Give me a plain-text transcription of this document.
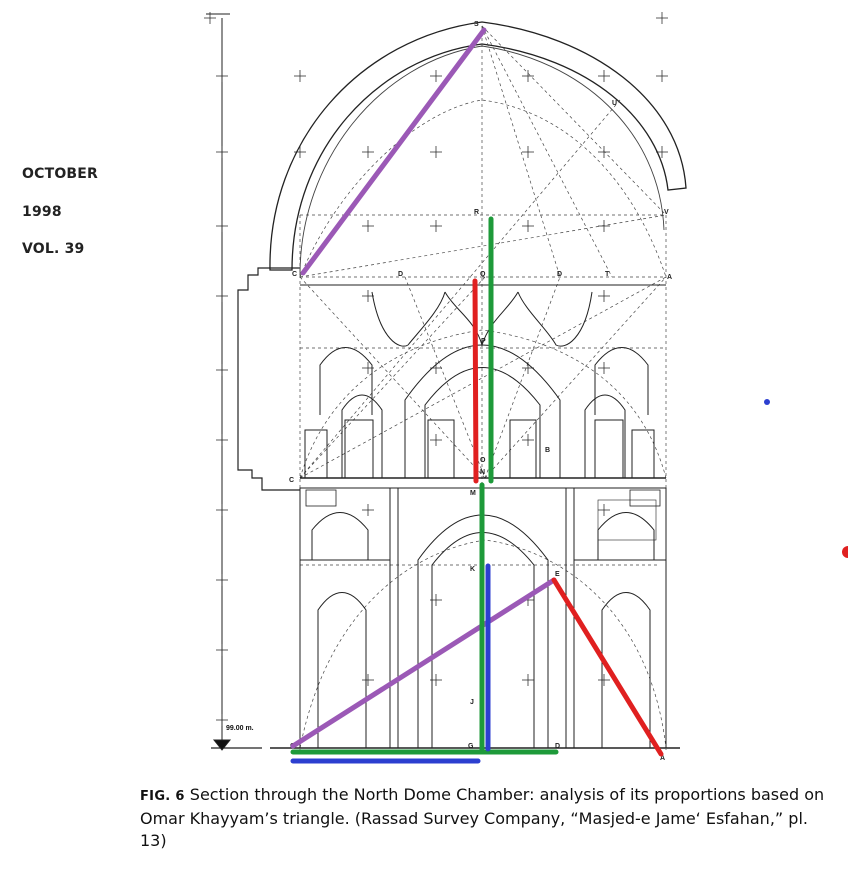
OCTOBER
1998
VOL. 39
99.00 m.
S
U
R	V
C	D	Q	D	T	A
P
O
N
B
C
M
K
E
J
C	G	D
A
FIG. 6 Section through the North Dome Chamber: analysis of its proportions based on Omar Khayyam’s triangle. (Rassad Survey Company, “Masjed-e Jame‘ Esfahan,” pl. 13)
